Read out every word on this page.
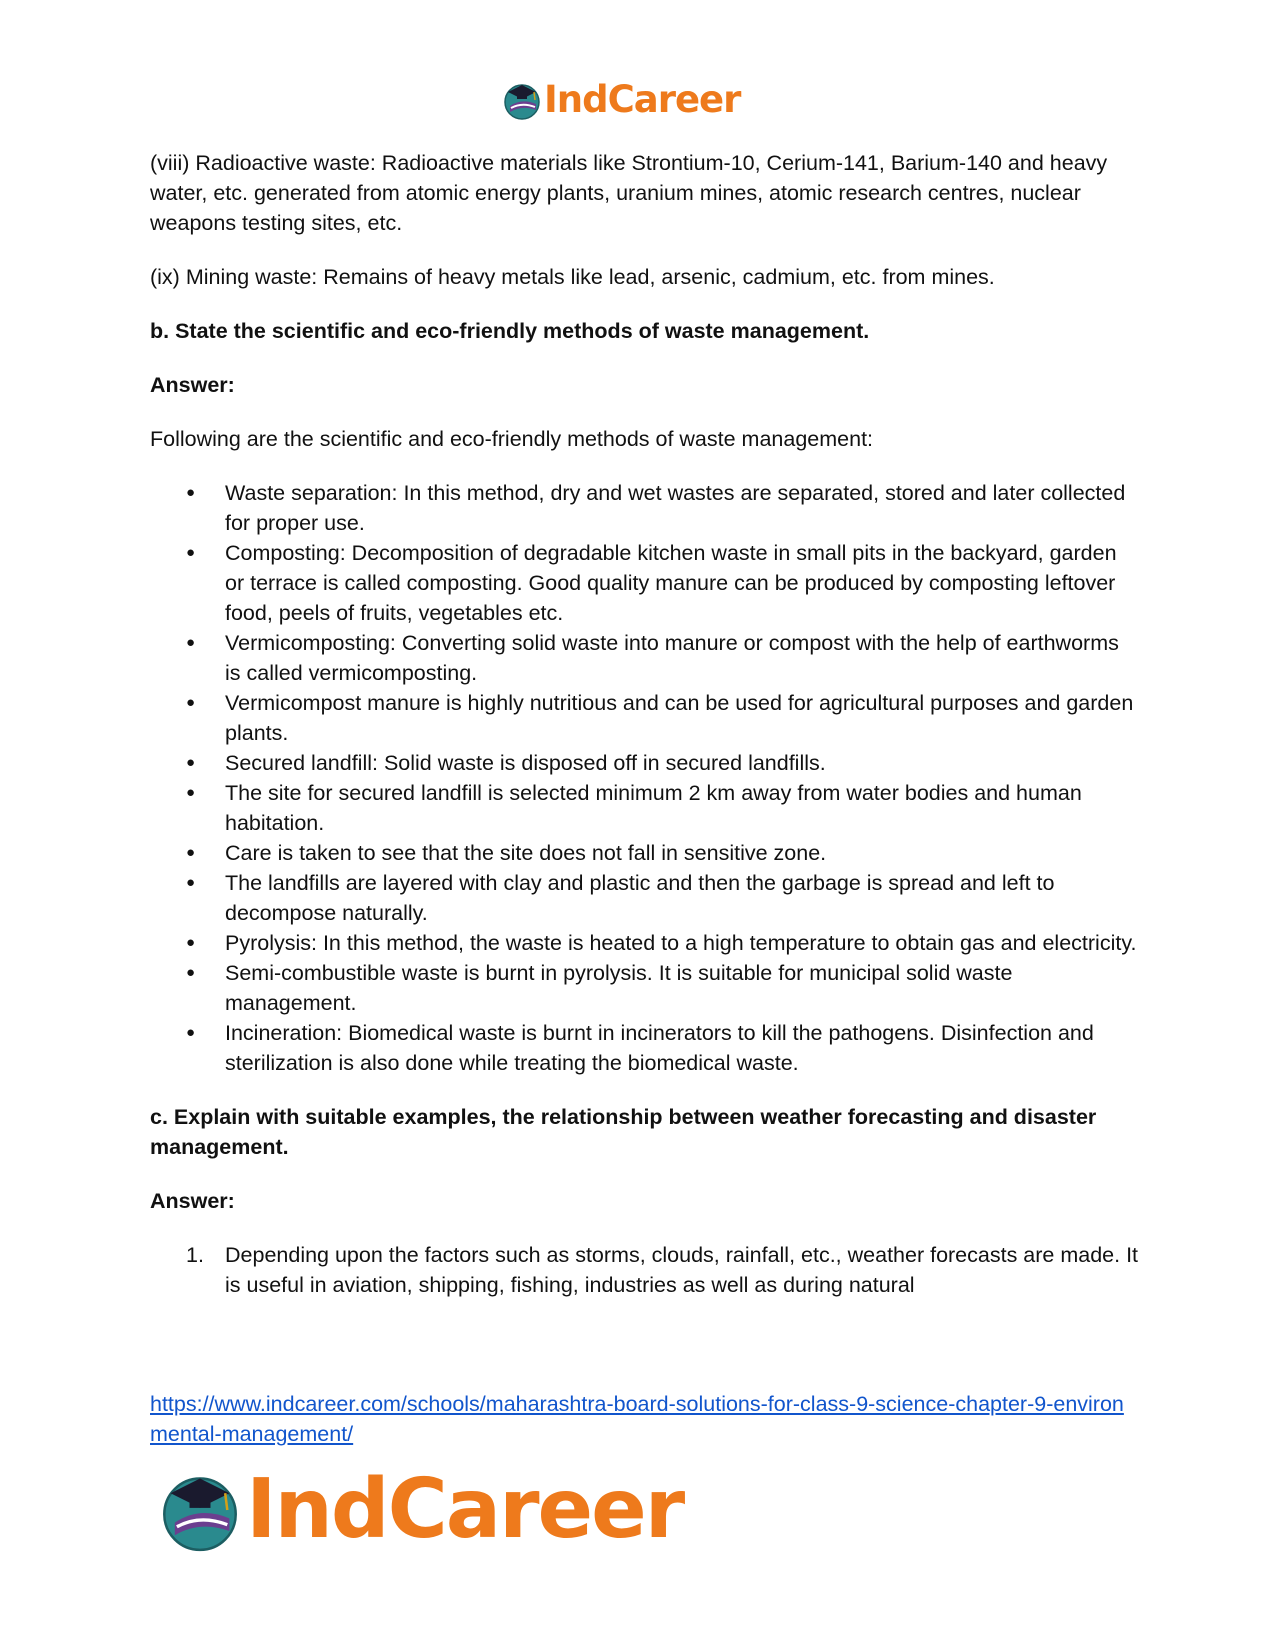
IndCareer

(viii) Radioactive waste: Radioactive materials like Strontium-10, Cerium-141, Barium-140 and heavy water, etc. generated from atomic energy plants, uranium mines, atomic research centres, nuclear weapons testing sites, etc.

(ix) Mining waste: Remains of heavy metals like lead, arsenic, cadmium, etc. from mines.

b. State the scientific and eco-friendly methods of waste management.

Answer:

Following are the scientific and eco-friendly methods of waste management:

● Waste separation: In this method, dry and wet wastes are separated, stored and later collected for proper use.
● Composting: Decomposition of degradable kitchen waste in small pits in the backyard, garden or terrace is called composting. Good quality manure can be produced by composting leftover food, peels of fruits, vegetables etc.
● Vermicomposting: Converting solid waste into manure or compost with the help of earthworms is called vermicomposting.
● Vermicompost manure is highly nutritious and can be used for agricultural purposes and garden plants.
● Secured landfill: Solid waste is disposed off in secured landfills.
● The site for secured landfill is selected minimum 2 km away from water bodies and human habitation.
● Care is taken to see that the site does not fall in sensitive zone.
● The landfills are layered with clay and plastic and then the garbage is spread and left to decompose naturally.
● Pyrolysis: In this method, the waste is heated to a high temperature to obtain gas and electricity.
● Semi-combustible waste is burnt in pyrolysis. It is suitable for municipal solid waste management.
● Incineration: Biomedical waste is burnt in incinerators to kill the pathogens. Disinfection and sterilization is also done while treating the biomedical waste.

c. Explain with suitable examples, the relationship between weather forecasting and disaster management.

Answer:

1. Depending upon the factors such as storms, clouds, rainfall, etc., weather forecasts are made. It is useful in aviation, shipping, fishing, industries as well as during natural
https://www.indcareer.com/schools/maharashtra-board-solutions-for-class-9-science-chapter-9-environmental-management/
IndCareer
